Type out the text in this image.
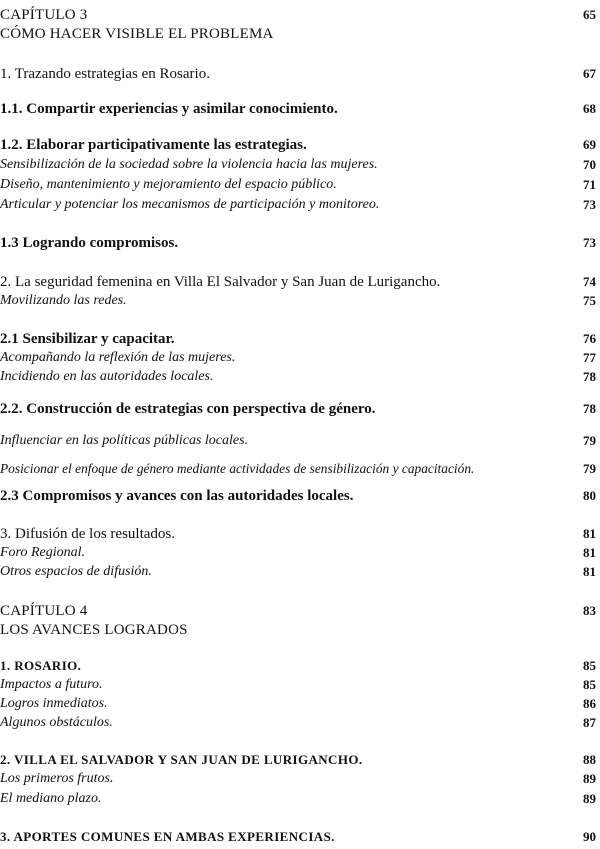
CAPÍTULO 3	65
CÓMO HACER VISIBLE EL PROBLEMA
1. Trazando estrategias en Rosario.	67
1.1. Compartir experiencias y asimilar conocimiento.	68
1.2. Elaborar participativamente las estrategias.	69
Sensibilización de la sociedad sobre la violencia hacia las mujeres.	70
Diseño, mantenimiento y mejoramiento del espacio público.	71
Articular y potenciar los mecanismos de participación y monitoreo.	73
1.3 Logrando compromisos.	73
2. La seguridad femenina en Villa El Salvador y San Juan de Lurigancho.	74
Movilizando las redes.	75
2.1 Sensibilizar y capacitar.	76
Acompañando la reflexión de las mujeres.	77
Incidiendo en las autoridades locales.	78
2.2. Construcción de estrategias con perspectiva de género.	78
Influenciar en las políticas públicas locales.	79
Posicionar el enfoque de género mediante actividades de sensibilización y capacitación.	79
2.3 Compromisos y avances con las autoridades locales.	80
3. Difusión de los resultados.	81
Foro Regional.	81
Otros espacios de difusión.	81
CAPÍTULO 4	83
LOS AVANCES LOGRADOS
1. ROSARIO.	85
Impactos a futuro.	85
Logros inmediatos.	86
Algunos obstáculos.	87
2. VILLA EL SALVADOR Y SAN JUAN DE LURIGANCHO.	88
Los primeros frutos.	89
El mediano plazo.	89
3. APORTES COMUNES EN AMBAS EXPERIENCIAS.	90
